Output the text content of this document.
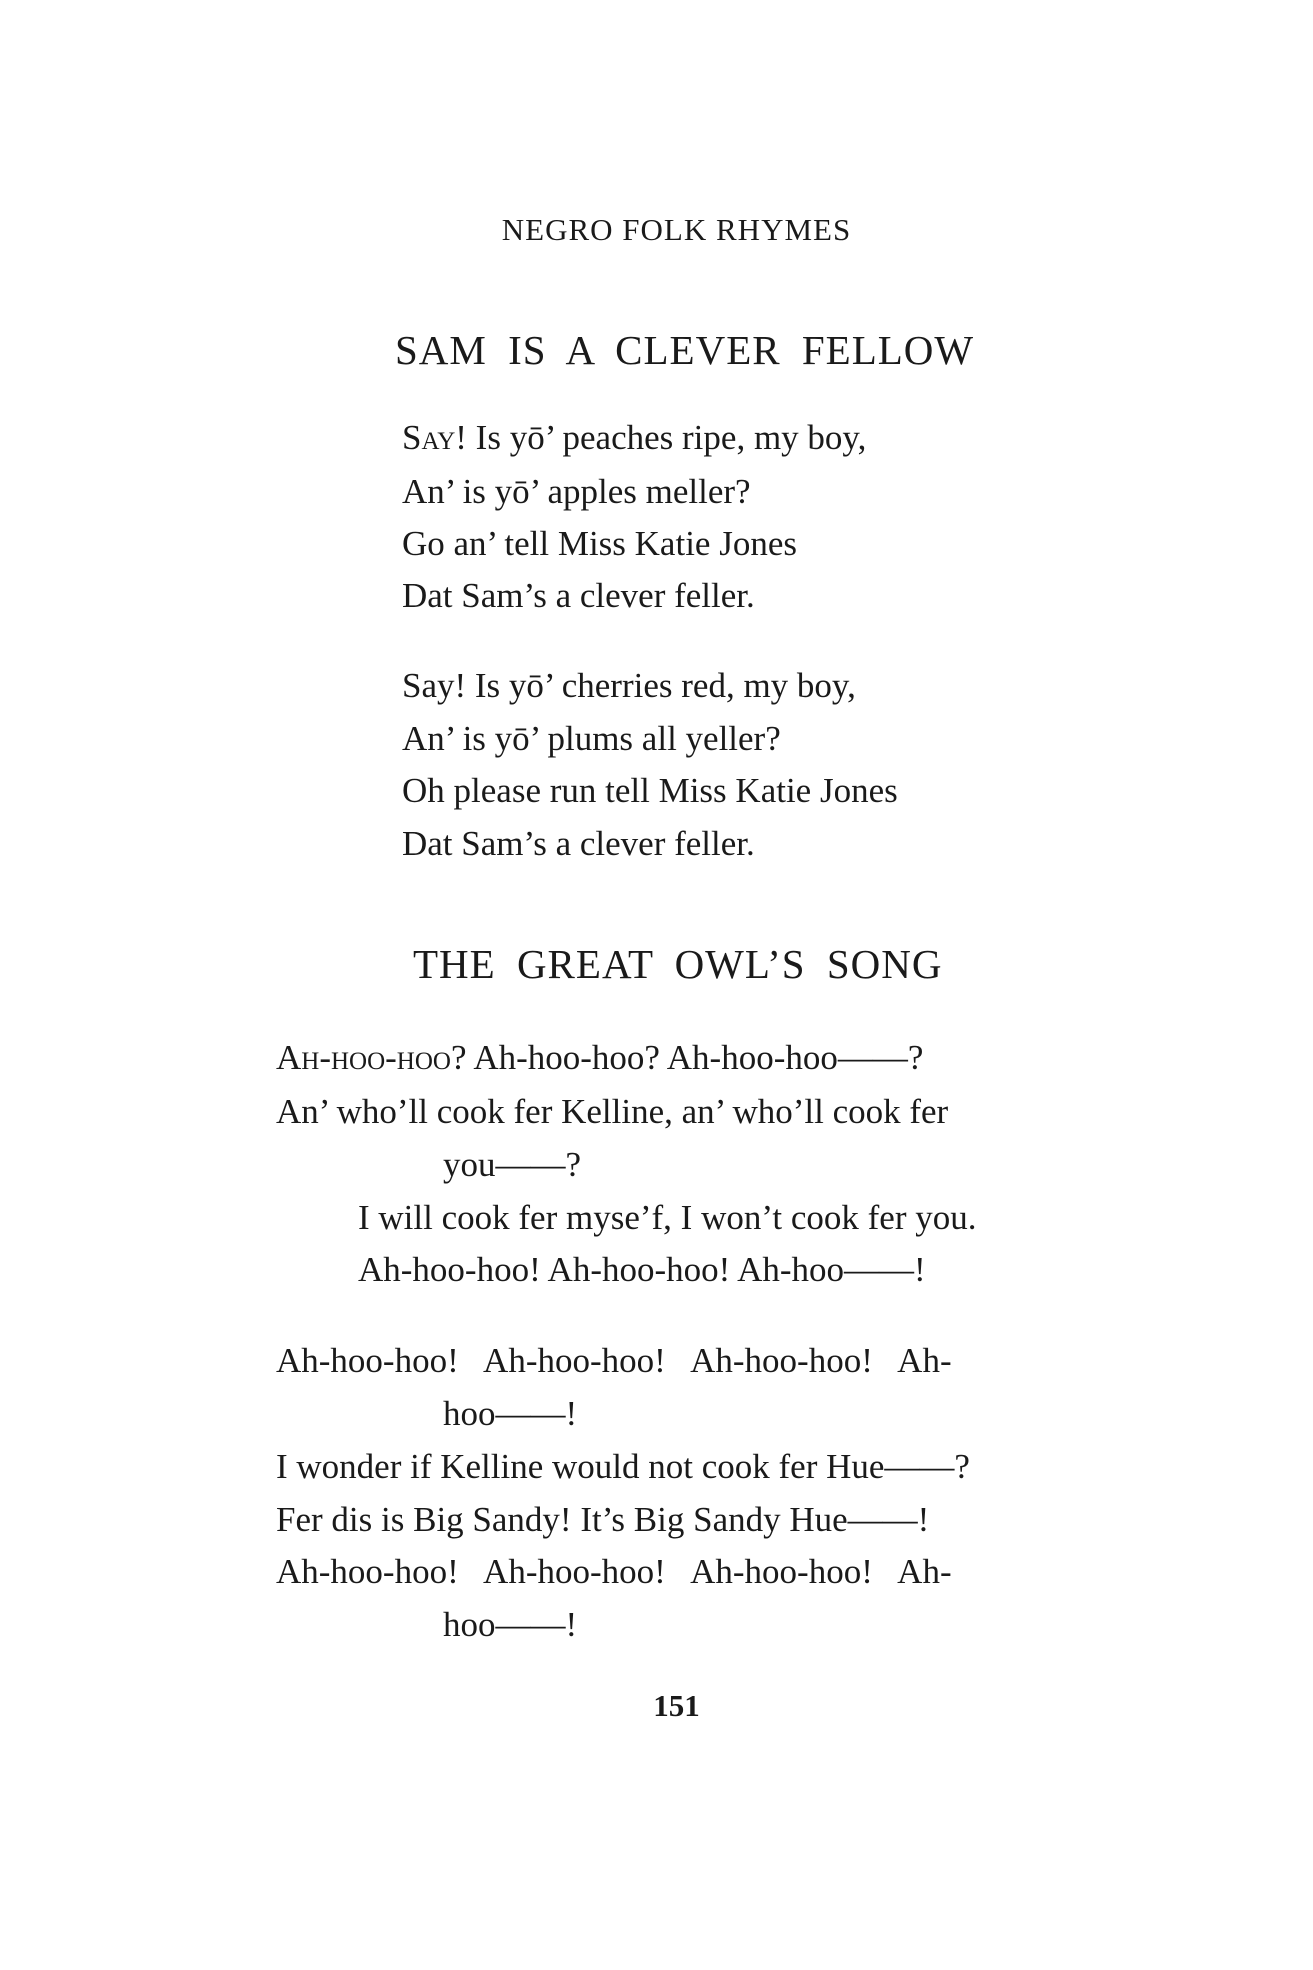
NEGRO FOLK RHYMES
SAM IS A CLEVER FELLOW
Say! Is yō’ peaches ripe, my boy,
An’ is yō’ apples meller?
Go an’ tell Miss Katie Jones
Dat Sam’s a clever feller.
Say! Is yō’ cherries red, my boy,
An’ is yō’ plums all yeller?
Oh please run tell Miss Katie Jones
Dat Sam’s a clever feller.
THE GREAT OWL’S SONG
Ah-hoo-hoo? Ah-hoo-hoo? Ah-hoo-hoo——?
An’ who’ll cook fer Kelline, an’ who’ll cook fer
you——?
I will cook fer myse’f, I won’t cook fer you.
Ah-hoo-hoo! Ah-hoo-hoo! Ah-hoo——!
Ah-hoo-hoo!   Ah-hoo-hoo!   Ah-hoo-hoo!   Ah-
hoo——!
I wonder if Kelline would not cook fer Hue——?
Fer dis is Big Sandy! It’s Big Sandy Hue——!
Ah-hoo-hoo!   Ah-hoo-hoo!   Ah-hoo-hoo!   Ah-
hoo——!
151
